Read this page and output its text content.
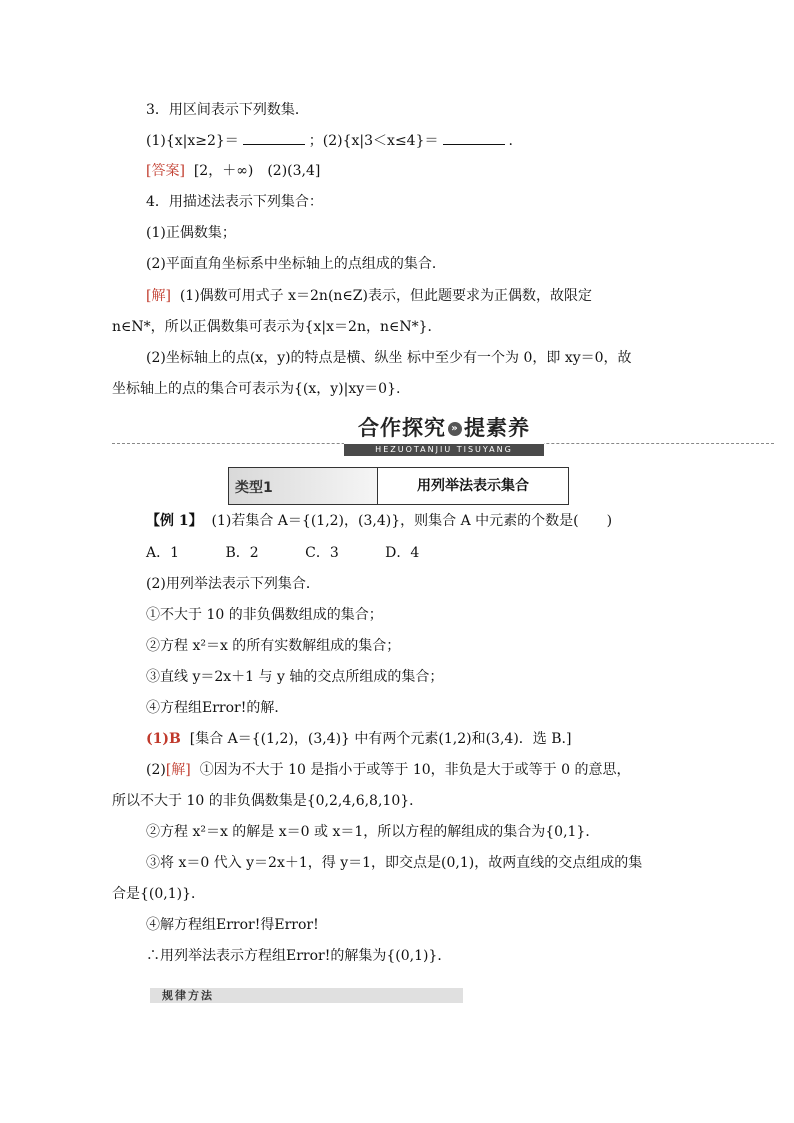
3．用区间表示下列数集．
(1){x|x≥2}＝	；(2){x|3＜x≤4}＝	.
[答案] [2，＋∞)　(2)(3,4]
4．用描述法表示下列集合：
(1)正偶数集；
(2)平面直角坐标系中坐标轴上的点组成的集合．
[解] (1)偶数可用式子 x＝2n(n∈Z)表示，但此题要求为正偶数，故限定
n∈N*，所以正偶数集可表示为{x|x＝2n，n∈N*}．
(2)坐标轴上的点(x，y)的特点是横、纵坐 标中至少有一个为 0，即 xy＝0，故
坐标轴上的点的集合可表示为{(x，y)|xy＝0}.
合作探究 » 提素养
HEZUOTANJIU TISUYANG
类型1	用列举法表示集合
【例 1】 (1)若集合 A＝{(1,2)，(3,4)}，则集合 A 中元素的个数是(　　)
A．1　　　 B．2　　　 C．3　　　 D．4
(2)用列举法表示下列集合．
①不大于 10 的非负偶数组成的集合；
②方程 x²＝x 的所有实数解组成的集合；
③直线 y＝2x＋1 与 y 轴的交点所组成的集合；
④方程组Error!的解．
(1)B [集合 A＝{(1,2)，(3,4)} 中有两个元素(1,2)和(3,4)．选 B.]
(2)[解] ①因为不大于 10 是指小于或等于 10，非负是大于或等于 0 的意思，
所以不大于 10 的非负偶数集是{0,2,4,6,8,10}．
②方程 x²＝x 的解是 x＝0 或 x＝1，所以方程的解组成的集合为{0,1}．
③将 x＝0 代入 y＝2x＋1，得 y＝1，即交点是(0,1)，故两直线的交点组成的集
合是{(0,1)}．
④解方程组Error!得Error!
∴用列举法表示方程组Error!的解集为{(0,1)}．
规律方法
